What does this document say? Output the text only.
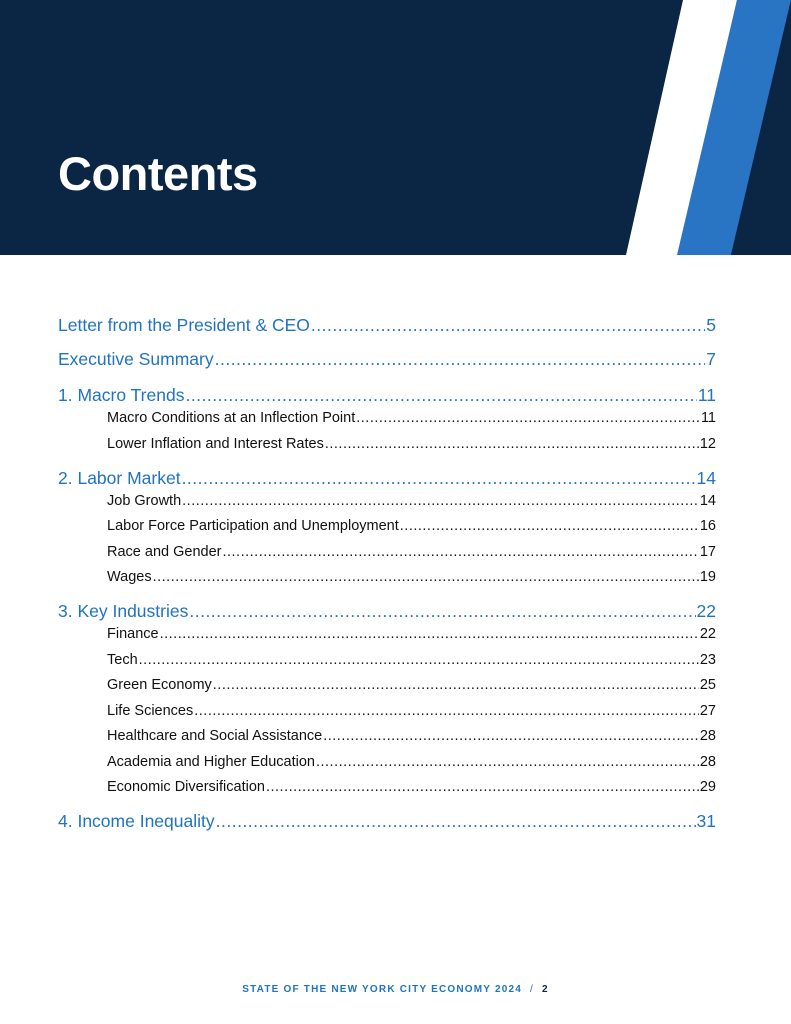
Contents
Letter from the President & CEO .....	5
Executive Summary .....	7
1. Macro Trends .....	11
Macro Conditions at an Inflection Point .....	11
Lower Inflation and Interest Rates .....	12
2. Labor Market .....	14
Job Growth .....	14
Labor Force Participation and Unemployment .....	16
Race and Gender .....	17
Wages .....	19
3. Key Industries .....	22
Finance .....	22
Tech .....	23
Green Economy .....	25
Life Sciences .....	27
Healthcare and Social Assistance .....	28
Academia and Higher Education .....	28
Economic Diversification .....	29
4. Income Inequality .....	31
STATE OF THE NEW YORK CITY ECONOMY 2024 / 2
